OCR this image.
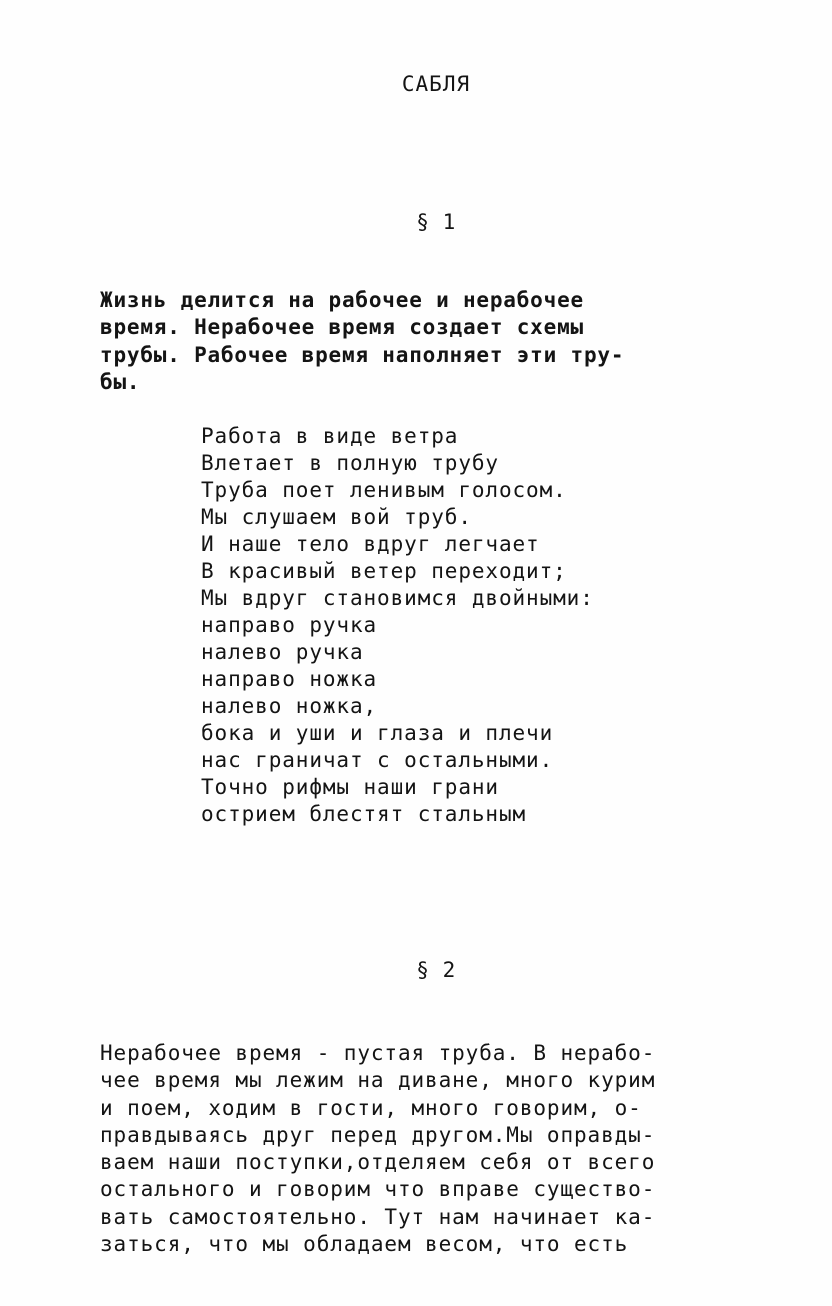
САБЛЯ
§ 1

Жизнь делится на рабочее и нерабочее
время. Нерабочее время создает схемы
трубы. Рабочее время наполняет эти тру-
бы.

Работа в виде ветра
Влетает в полную трубу
Труба поет ленивым голосом.
Мы слушаем вой труб.
И наше тело вдруг легчает
В красивый ветер переходит;
Мы вдруг становимся двойными:
направо ручка
налево ручка
направо ножка
налево ножка,
бока и уши и глаза и плечи
нас граничат с остальными.
Точно рифмы наши грани
острием блестят стальным
§ 2

Нерабочее время - пустая труба. В нерабо-
чее время мы лежим на диване, много курим
и поем, ходим в гости, много говорим, о-
правдываясь друг перед другом.Мы оправды-
ваем наши поступки,отделяем себя от всего
остального и говорим что вправе существо-
вать самостоятельно. Тут нам начинает ка-
заться, что мы обладаем весом, что есть
